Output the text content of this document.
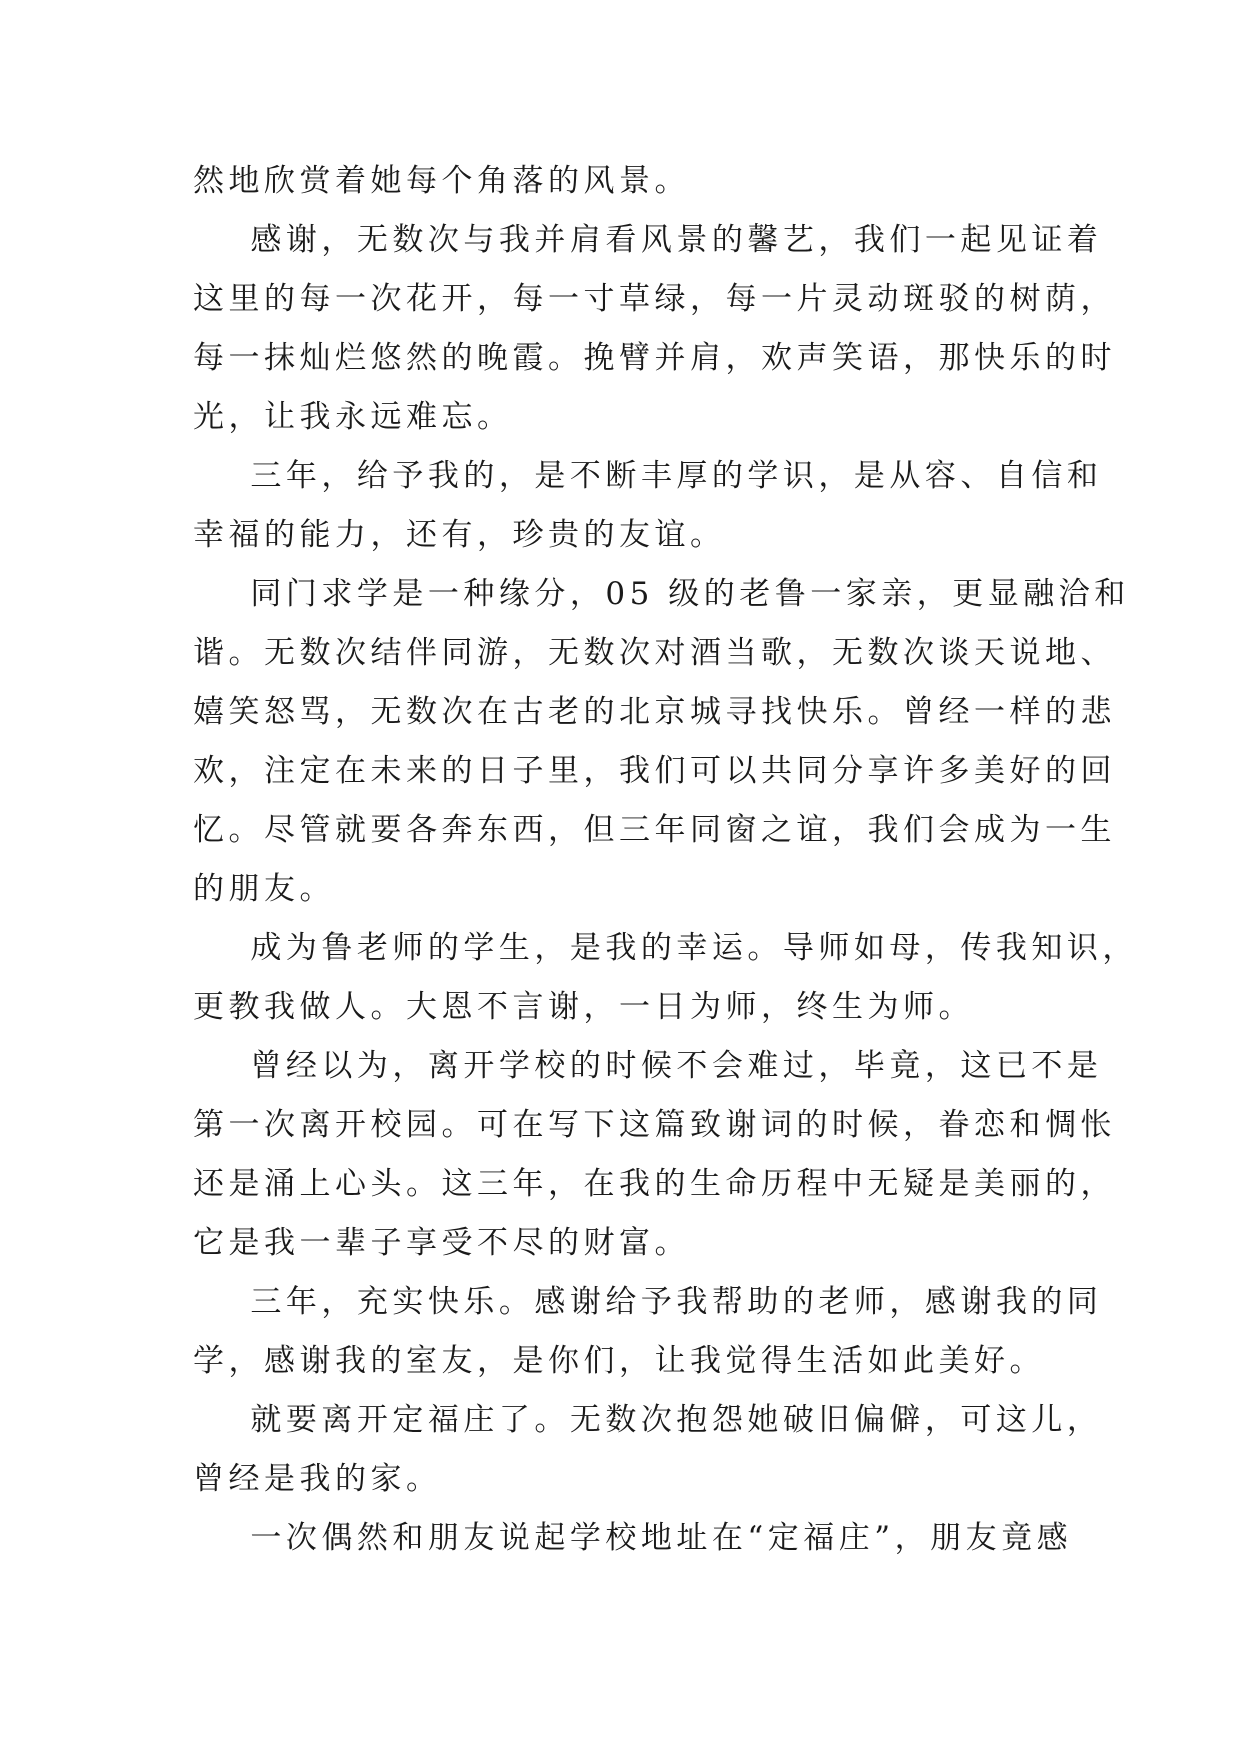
然地欣赏着她每个角落的风景。
感谢，无数次与我并肩看风景的馨艺，我们一起见证着
这里的每一次花开，每一寸草绿，每一片灵动斑驳的树荫，
每一抹灿烂悠然的晚霞。挽臂并肩，欢声笑语，那快乐的时
光，让我永远难忘。
三年，给予我的，是不断丰厚的学识，是从容、自信和
幸福的能力，还有，珍贵的友谊。
同门求学是一种缘分，05 级的老鲁一家亲，更显融洽和
谐。无数次结伴同游，无数次对酒当歌，无数次谈天说地、
嬉笑怒骂，无数次在古老的北京城寻找快乐。曾经一样的悲
欢，注定在未来的日子里，我们可以共同分享许多美好的回
忆。尽管就要各奔东西，但三年同窗之谊，我们会成为一生
的朋友。
成为鲁老师的学生，是我的幸运。导师如母，传我知识，
更教我做人。大恩不言谢，一日为师，终生为师。
曾经以为，离开学校的时候不会难过，毕竟，这已不是
第一次离开校园。可在写下这篇致谢词的时候，眷恋和惆怅
还是涌上心头。这三年，在我的生命历程中无疑是美丽的，
它是我一辈子享受不尽的财富。
三年，充实快乐。感谢给予我帮助的老师，感谢我的同
学，感谢我的室友，是你们，让我觉得生活如此美好。
就要离开定福庄了。无数次抱怨她破旧偏僻，可这儿，
曾经是我的家。
一次偶然和朋友说起学校地址在“定福庄”，朋友竟感
